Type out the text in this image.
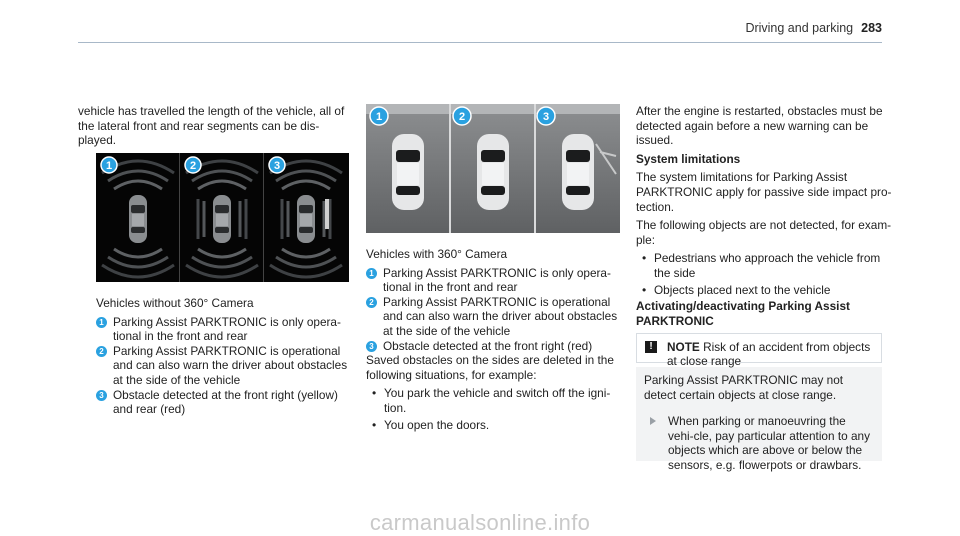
Driving and parking 283

vehicle has travelled the length of the vehicle, all of the lateral front and rear segments can be dis-played.

1	2	3

Vehicles without 360° Camera

1 Parking Assist PARKTRONIC is only opera-tional in the front and rear
2 Parking Assist PARKTRONIC is operational and can also warn the driver about obstacles at the side of the vehicle
3 Obstacle detected at the front right (yellow) and rear (red)
1	2	3

Vehicles with 360° Camera

1 Parking Assist PARKTRONIC is only opera-tional in the front and rear
2 Parking Assist PARKTRONIC is operational and can also warn the driver about obstacles at the side of the vehicle
3 Obstacle detected at the front right (red)

Saved obstacles on the sides are deleted in the following situations, for example:

• You park the vehicle and switch off the igni-tion.
• You open the doors.

After the engine is restarted, obstacles must be detected again before a new warning can be issued.

System limitations

The system limitations for Parking Assist PARKTRONIC apply for passive side impact pro-tection.

The following objects are not detected, for exam-ple:

• Pedestrians who approach the vehicle from the side
• Objects placed next to the vehicle

Activating/deactivating Parking Assist PARKTRONIC

!	NOTE Risk of an accident from objects at close range
Parking Assist PARKTRONIC may not detect certain objects at close range.
When parking or manoeuvring the vehi-cle, pay particular attention to any objects which are above or below the sensors, e.g. flowerpots or drawbars.
carmanualsonline.info
